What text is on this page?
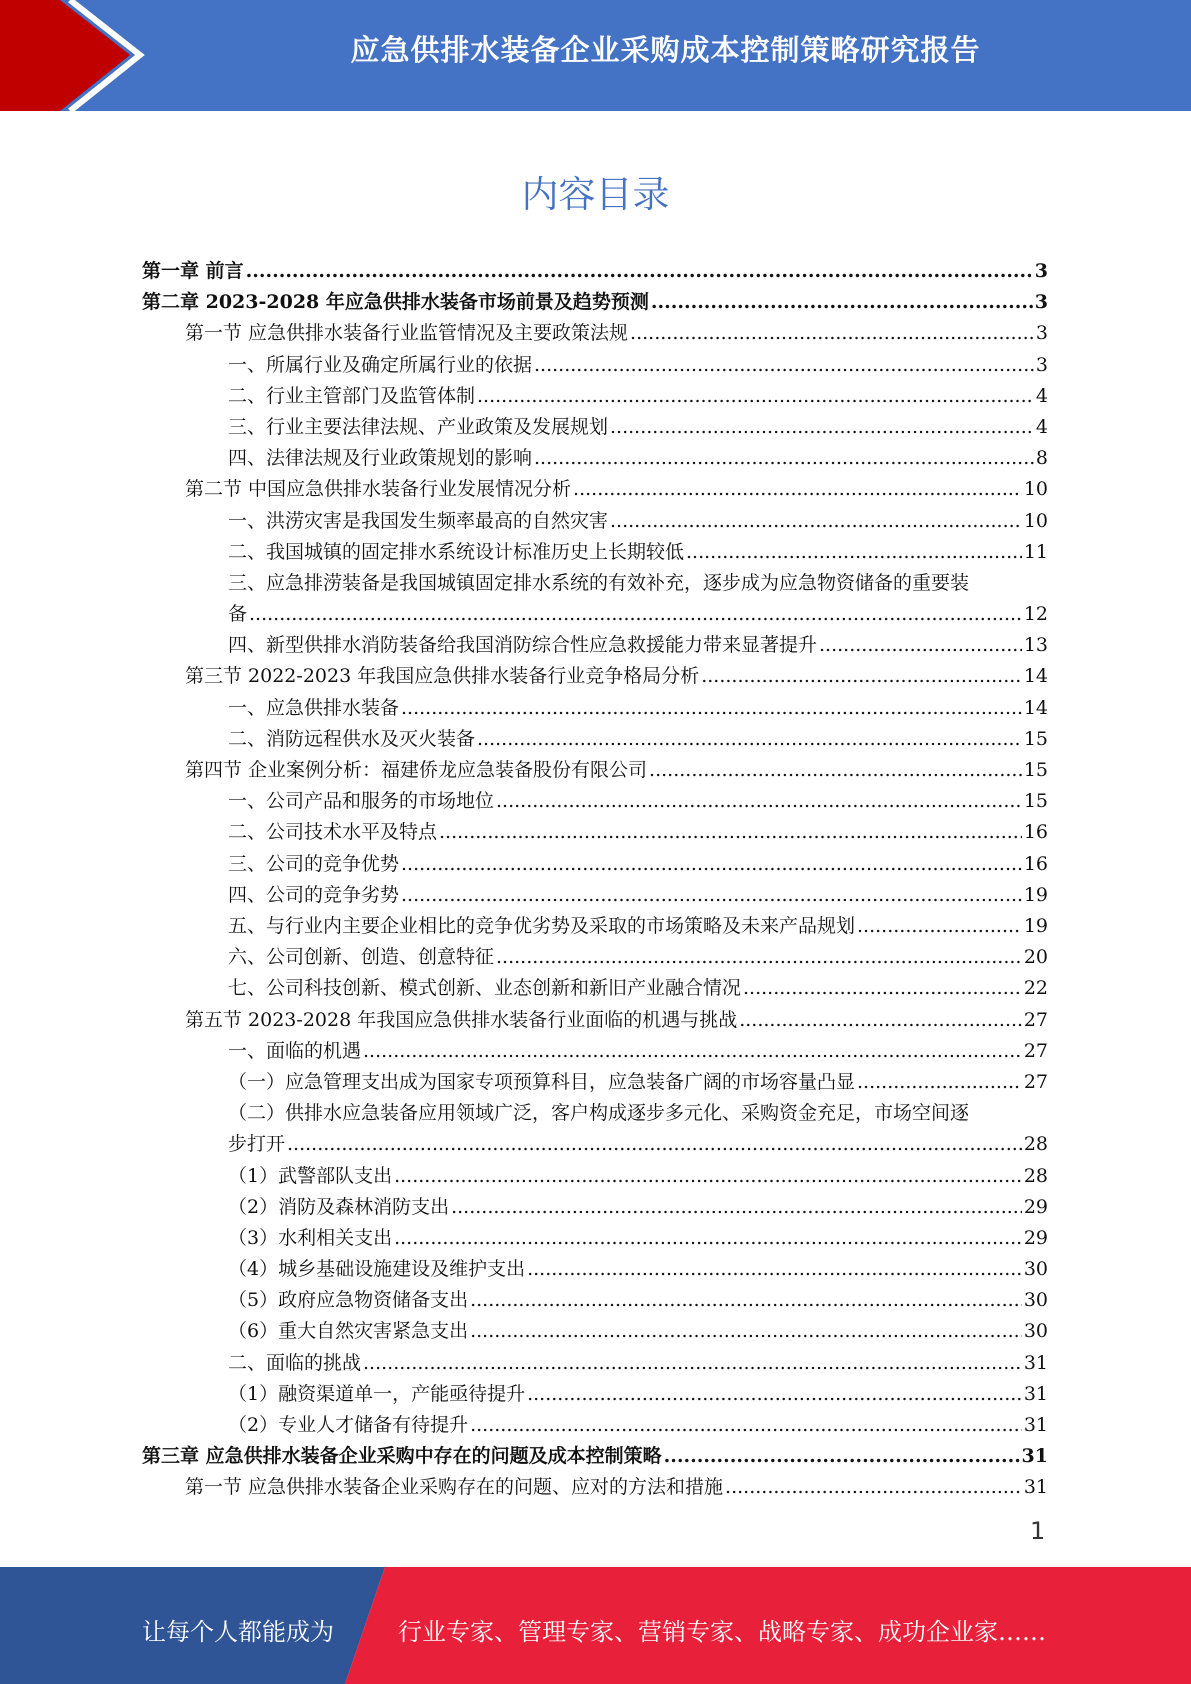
应急供排水装备企业采购成本控制策略研究报告
内容目录
第一章 前言 .....	3
第二章 2023-2028 年应急供排水装备市场前景及趋势预测 .....	3
第一节 应急供排水装备行业监管情况及主要政策法规 .....	3
一、所属行业及确定所属行业的依据 .....	3
二、行业主管部门及监管体制 .....	4
三、行业主要法律法规、产业政策及发展规划 .....	4
四、法律法规及行业政策规划的影响 .....	8
第二节 中国应急供排水装备行业发展情况分析 .....	10
一、洪涝灾害是我国发生频率最高的自然灾害 .....	10
二、我国城镇的固定排水系统设计标准历史上长期较低 .....	11
三、应急排涝装备是我国城镇固定排水系统的有效补充，逐步成为应急物资储备的重要装
备 .....	12
四、新型供排水消防装备给我国消防综合性应急救援能力带来显著提升 .....	13
第三节 2022-2023 年我国应急供排水装备行业竞争格局分析 .....	14
一、应急供排水装备 .....	14
二、消防远程供水及灭火装备 .....	15
第四节 企业案例分析：福建侨龙应急装备股份有限公司 .....	15
一、公司产品和服务的市场地位 .....	15
二、公司技术水平及特点 .....	16
三、公司的竞争优势 .....	16
四、公司的竞争劣势 .....	19
五、与行业内主要企业相比的竞争优劣势及采取的市场策略及未来产品规划 .....	19
六、公司创新、创造、创意特征 .....	20
七、公司科技创新、模式创新、业态创新和新旧产业融合情况 .....	22
第五节 2023-2028 年我国应急供排水装备行业面临的机遇与挑战 .....	27
一、面临的机遇 .....	27
（一）应急管理支出成为国家专项预算科目，应急装备广阔的市场容量凸显 .....	27
（二）供排水应急装备应用领域广泛，客户构成逐步多元化、采购资金充足，市场空间逐
步打开 .....	28
（1）武警部队支出 .....	28
（2）消防及森林消防支出 .....	29
（3）水利相关支出 .....	29
（4）城乡基础设施建设及维护支出 .....	30
（5）政府应急物资储备支出 .....	30
（6）重大自然灾害紧急支出 .....	30
二、面临的挑战 .....	31
（1）融资渠道单一，产能亟待提升 .....	31
（2）专业人才储备有待提升 .....	31
第三章 应急供排水装备企业采购中存在的问题及成本控制策略 .....	31
第一节 应急供排水装备企业采购存在的问题、应对的方法和措施 .....	31
1
让每个人都能成为	行业专家、管理专家、营销专家、战略专家、成功企业家……
